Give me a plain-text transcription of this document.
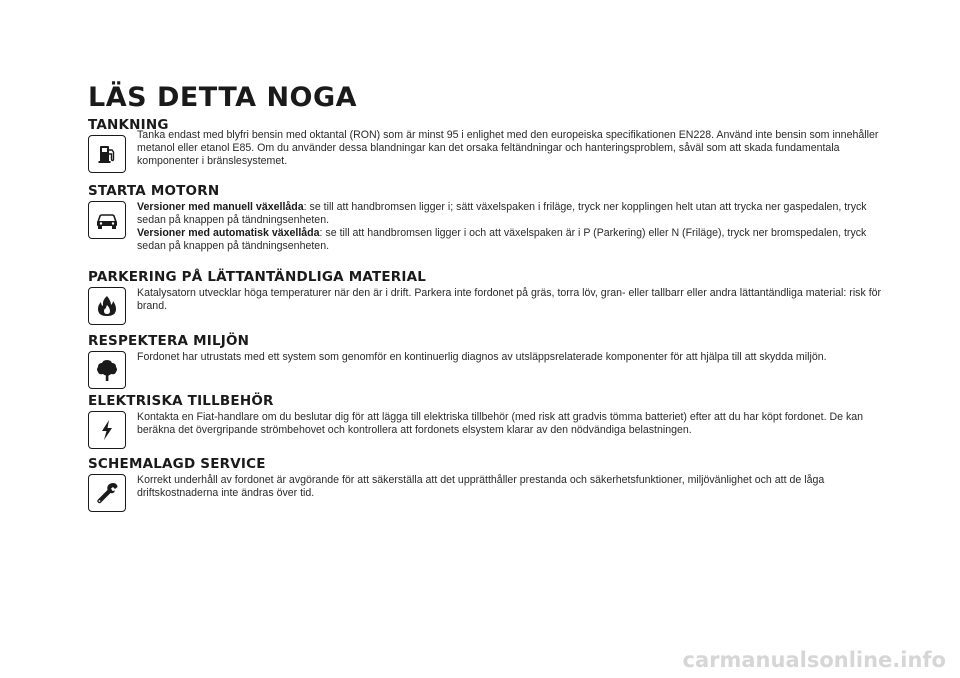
LÄS DETTA NOGA
TANKNING
Tanka endast med blyfri bensin med oktantal (RON) som är minst 95 i enlighet med den europeiska specifikationen EN228. Använd inte bensin som innehåller metanol eller etanol E85. Om du använder dessa blandningar kan det orsaka feltändningar och hanteringsproblem, såväl som att skada fundamentala komponenter i bränslesystemet.
STARTA MOTORN

Versioner med manuell växellåda: se till att handbromsen ligger i; sätt växelspaken i friläge, tryck ner kopplingen helt utan att trycka ner gaspedalen, tryck sedan på knappen på tändningsenheten.

Versioner med automatisk växellåda: se till att handbromsen ligger i och att växelspaken är i P (Parkering) eller N (Friläge), tryck ner bromspedalen, tryck sedan på knappen på tändningsenheten.

PARKERING PÅ LÄTTANTÄNDLIGA MATERIAL
Katalysatorn utvecklar höga temperaturer när den är i drift. Parkera inte fordonet på gräs, torra löv, gran- eller tallbarr eller andra lättantändliga material: risk för brand.
RESPEKTERA MILJÖN
Fordonet har utrustats med ett system som genomför en kontinuerlig diagnos av utsläppsrelaterade komponenter för att hjälpa till att skydda miljön.
ELEKTRISKA TILLBEHÖR
Kontakta en Fiat-handlare om du beslutar dig för att lägga till elektriska tillbehör (med risk att gradvis tömma batteriet) efter att du har köpt fordonet. De kan beräkna det övergripande strömbehovet och kontrollera att fordonets elsystem klarar av den nödvändiga belastningen.
SCHEMALAGD SERVICE
Korrekt underhåll av fordonet är avgörande för att säkerställa att det upprätthåller prestanda och säkerhetsfunktioner, miljövänlighet och att de låga driftskostnaderna inte ändras över tid.
carmanualsonline.info
